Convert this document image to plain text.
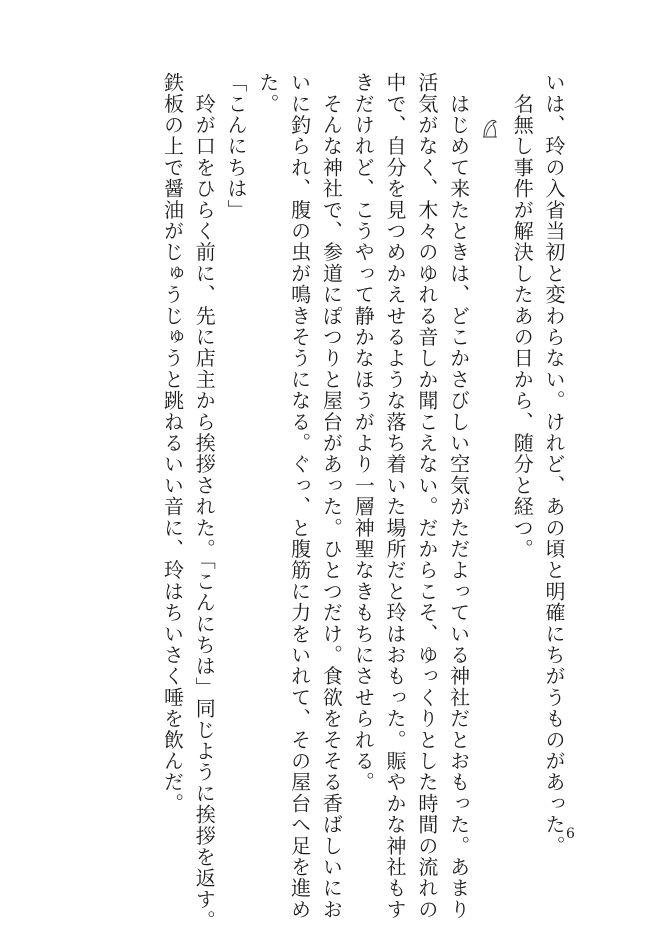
いは、玲の入省当初と変わらない。けれど、あの頃と明確にちがうものがあった。
　名無し事件が解決したあの日から、随分と経つ。
　はじめて来たときは、どこかさびしい空気がただよっている神社だとおもった。あまり
活気がなく、木々のゆれる音しか聞こえない。だからこそ、ゆっくりとした時間の流れの
中で、自分を見つめかえせるような落ち着いた場所だと玲はおもった。賑やかな神社もす
きだけれど、こうやって静かなほうがより一層神聖なきもちにさせられる。
　そんな神社で、参道にぽつりと屋台があった。ひとつだけ。食欲をそそる香ばしいにお
いに釣られ、腹の虫が鳴きそうになる。ぐっ、と腹筋に力をいれて、その屋台へ足を進め
た。
「こんにちは」
　玲が口をひらく前に、先に店主から挨拶された。「こんにちは」同じように挨拶を返す。
鉄板の上で醤油がじゅうじゅうと跳ねるいい音に、玲はちいさく唾を飲んだ。
6
